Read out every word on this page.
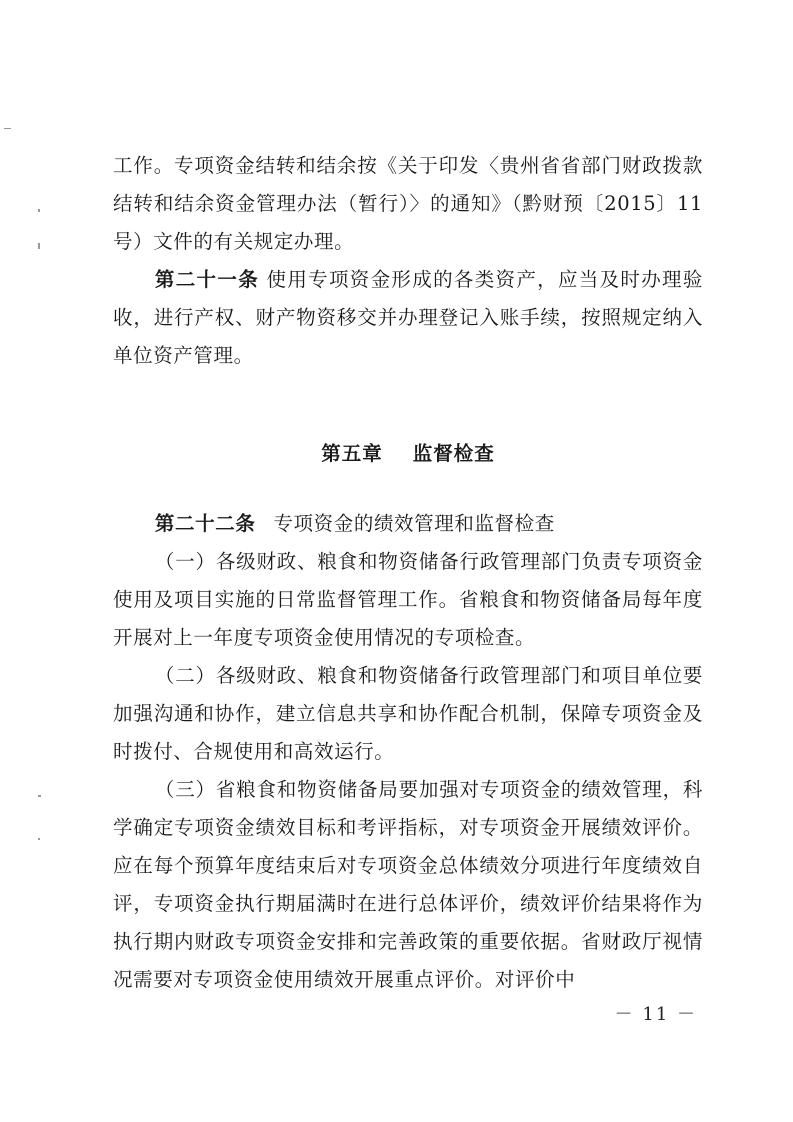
工作。专项资金结转和结余按《关于印发〈贵州省省部门财政拨款结转和结余资金管理办法（暂行）〉的通知》（黔财预〔2015〕11号）文件的有关规定办理。

第二十一条 使用专项资金形成的各类资产，应当及时办理验收，进行产权、财产物资移交并办理登记入账手续，按照规定纳入单位资产管理。

第五章 监督检查

第二十二条 专项资金的绩效管理和监督检查

（一）各级财政、粮食和物资储备行政管理部门负责专项资金使用及项目实施的日常监督管理工作。省粮食和物资储备局每年度开展对上一年度专项资金使用情况的专项检查。

（二）各级财政、粮食和物资储备行政管理部门和项目单位要加强沟通和协作，建立信息共享和协作配合机制，保障专项资金及时拨付、合规使用和高效运行。

（三）省粮食和物资储备局要加强对专项资金的绩效管理，科学确定专项资金绩效目标和考评指标，对专项资金开展绩效评价。应在每个预算年度结束后对专项资金总体绩效分项进行年度绩效自评，专项资金执行期届满时在进行总体评价，绩效评价结果将作为执行期内财政专项资金安排和完善政策的重要依据。省财政厅视情况需要对专项资金使用绩效开展重点评价。对评价中

－ 11 －
